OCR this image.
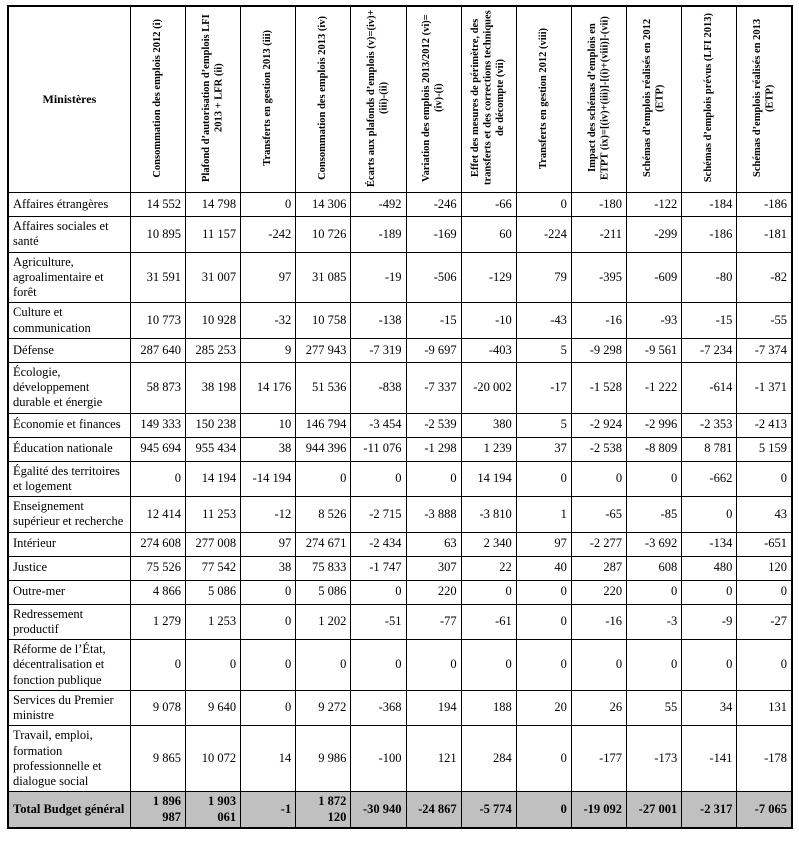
Ministères	Consommation des emplois 2012 (i)	Plafond d’autorisation d’emplois LFI 2013 + LFR (ii)	Transferts en gestion 2013 (iii)	Consommation des emplois 2013 (iv)	Écarts aux plafonds d’emplois (v)=(iv)+(iii)-(ii)	Variation des emplois 2013/2012 (vi)=(iv)-(i)	Effet des mesures de périmètre, des transferts et des corrections techniques de décompte (vii)	Transferts en gestion 2012 (viii)	Impact des schémas d’emplois en ETPT (ix)=[(iv)+(iii)]-[(i)+(viii)]-(vii)	Schémas d’emplois réalisés en 2012 (ETP)	Schémas d’emplois prévus (LFI 2013)	Schémas d’emplois réalisés en 2013 (ETP)
Affaires étrangères	14 552	14 798	0	14 306	-492	-246	-66	0	-180	-122	-184	-186
Affaires sociales et santé	10 895	11 157	-242	10 726	-189	-169	60	-224	-211	-299	-186	-181
Agriculture, agroalimentaire et forêt	31 591	31 007	97	31 085	-19	-506	-129	79	-395	-609	-80	-82
Culture et communication	10 773	10 928	-32	10 758	-138	-15	-10	-43	-16	-93	-15	-55
Défense	287 640	285 253	9	277 943	-7 319	-9 697	-403	5	-9 298	-9 561	-7 234	-7 374
Écologie, développement durable et énergie	58 873	38 198	14 176	51 536	-838	-7 337	-20 002	-17	-1 528	-1 222	-614	-1 371
Économie et finances	149 333	150 238	10	146 794	-3 454	-2 539	380	5	-2 924	-2 996	-2 353	-2 413
Éducation nationale	945 694	955 434	38	944 396	-11 076	-1 298	1 239	37	-2 538	-8 809	8 781	5 159
Égalité des territoires et logement	0	14 194	-14 194	0	0	0	14 194	0	0	0	-662	0
Enseignement supérieur et recherche	12 414	11 253	-12	8 526	-2 715	-3 888	-3 810	1	-65	-85	0	43
Intérieur	274 608	277 008	97	274 671	-2 434	63	2 340	97	-2 277	-3 692	-134	-651
Justice	75 526	77 542	38	75 833	-1 747	307	22	40	287	608	480	120
Outre-mer	4 866	5 086	0	5 086	0	220	0	0	220	0	0	0
Redressement productif	1 279	1 253	0	1 202	-51	-77	-61	0	-16	-3	-9	-27
Réforme de l’État, décentralisation et fonction publique	0	0	0	0	0	0	0	0	0	0	0	0
Services du Premier ministre	9 078	9 640	0	9 272	-368	194	188	20	26	55	34	131
Travail, emploi, formation professionnelle et dialogue social	9 865	10 072	14	9 986	-100	121	284	0	-177	-173	-141	-178
Total Budget général	1 896 987	1 903 061	-1	1 872 120	-30 940	-24 867	-5 774	0	-19 092	-27 001	-2 317	-7 065
